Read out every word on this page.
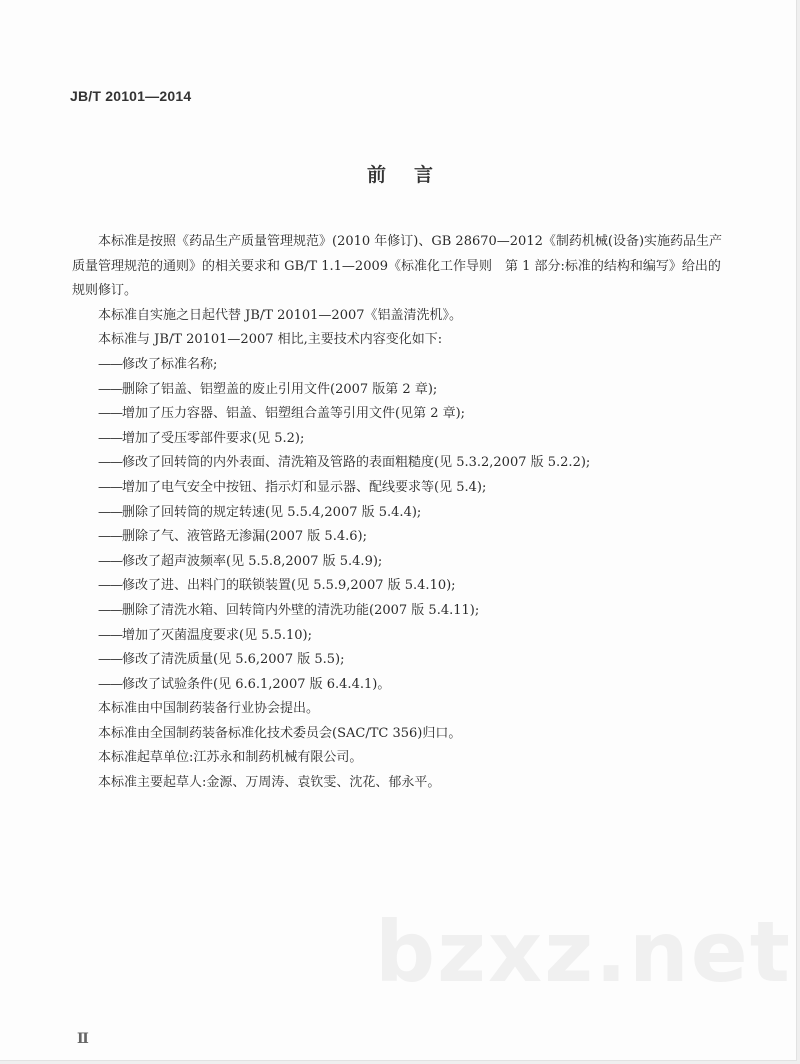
JB/T 20101—2014
前言

本标准是按照《药品生产质量管理规范》(2010 年修订)、GB 28670—2012《制药机械(设备)实施药品生产质量管理规范的通则》的相关要求和 GB/T 1.1—2009《标准化工作导则　第 1 部分:标准的结构和编写》给出的规则修订。

本标准自实施之日起代替 JB/T 20101—2007《铝盖清洗机》。

本标准与 JB/T 20101—2007 相比,主要技术内容变化如下:

——修改了标准名称;
——删除了铝盖、铝塑盖的废止引用文件(2007 版第 2 章);
——增加了压力容器、铝盖、铝塑组合盖等引用文件(见第 2 章);
——增加了受压零部件要求(见 5.2);
——修改了回转筒的内外表面、清洗箱及管路的表面粗糙度(见 5.3.2,2007 版 5.2.2);
——增加了电气安全中按钮、指示灯和显示器、配线要求等(见 5.4);
——删除了回转筒的规定转速(见 5.5.4,2007 版 5.4.4);
——删除了气、液管路无渗漏(2007 版 5.4.6);
——修改了超声波频率(见 5.5.8,2007 版 5.4.9);
——修改了进、出料门的联锁装置(见 5.5.9,2007 版 5.4.10);
——删除了清洗水箱、回转筒内外壁的清洗功能(2007 版 5.4.11);
——增加了灭菌温度要求(见 5.5.10);
——修改了清洗质量(见 5.6,2007 版 5.5);
——修改了试验条件(见 6.6.1,2007 版 6.4.4.1)。

本标准由中国制药装备行业协会提出。

本标准由全国制药装备标准化技术委员会(SAC/TC 356)归口。

本标准起草单位:江苏永和制药机械有限公司。

本标准主要起草人:金源、万周涛、袁钦雯、沈花、郁永平。

bzxz.net
Ⅱ
